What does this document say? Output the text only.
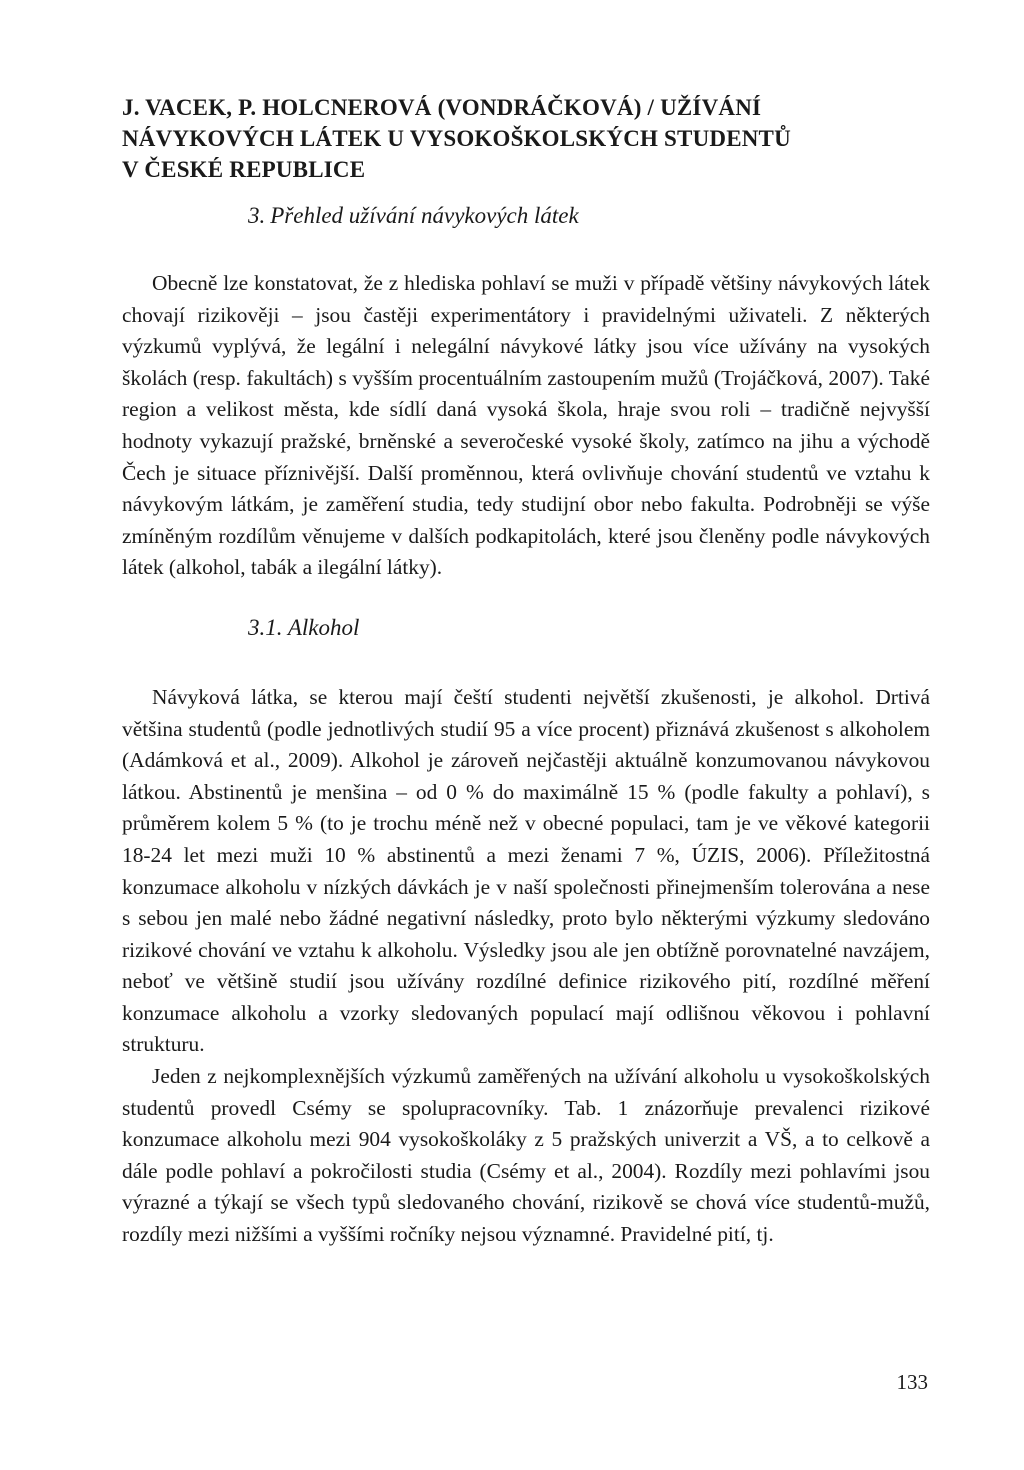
J. VACEK, P. HOLCNEROVÁ (VONDRÁČKOVÁ) / UŽÍVÁNÍ
NÁVYKOVÝCH LÁTEK U VYSOKOŠKOLSKÝCH STUDENTŮ
V ČESKÉ REPUBLICE
3. Přehled užívání návykových látek

Obecně lze konstatovat, že z hlediska pohlaví se muži v případě většiny návykových látek chovají rizikověji – jsou častěji experimentátory i pravidelnými uživateli. Z některých výzkumů vyplývá, že legální i nelegální návykové látky jsou více užívány na vysokých školách (resp. fakultách) s vyšším procentuálním zastoupením mužů (Trojáčková, 2007). Také region a velikost města, kde sídlí daná vysoká škola, hraje svou roli – tradičně nejvyšší hodnoty vykazují pražské, brněnské a severočeské vysoké školy, zatímco na jihu a východě Čech je situace příznivější. Další proměnnou, která ovlivňuje chování studentů ve vztahu k návykovým látkám, je zaměření studia, tedy studijní obor nebo fakulta. Podrobněji se výše zmíněným rozdílům věnujeme v dalších podkapitolách, které jsou členěny podle návykových látek (alkohol, tabák a ilegální látky).

3.1. Alkohol

Návyková látka, se kterou mají čeští studenti největší zkušenosti, je alkohol. Drtivá většina studentů (podle jednotlivých studií 95 a více procent) přiznává zkušenost s alkoholem (Adámková et al., 2009). Alkohol je zároveň nejčastěji aktuálně konzumovanou návykovou látkou. Abstinentů je menšina – od 0 % do maximálně 15 % (podle fakulty a pohlaví), s průměrem kolem 5 % (to je trochu méně než v obecné populaci, tam je ve věkové kategorii 18-24 let mezi muži 10 % abstinentů a mezi ženami 7 %, ÚZIS, 2006). Příležitostná konzumace alkoholu v nízkých dávkách je v naší společnosti přinejmenším tolerována a nese s sebou jen malé nebo žádné negativní následky, proto bylo některými výzkumy sledováno rizikové chování ve vztahu k alkoholu. Výsledky jsou ale jen obtížně porovnatelné navzájem, neboť ve většině studií jsou užívány rozdílné definice rizikového pití, rozdílné měření konzumace alkoholu a vzorky sledovaných populací mají odlišnou věkovou i pohlavní strukturu.

Jeden z nejkomplexnějších výzkumů zaměřených na užívání alkoholu u vysokoškolských studentů provedl Csémy se spolupracovníky. Tab. 1 znázorňuje prevalenci rizikové konzumace alkoholu mezi 904 vysokoškoláky z 5 pražských univerzit a VŠ, a to celkově a dále podle pohlaví a pokročilosti studia (Csémy et al., 2004). Rozdíly mezi pohlavími jsou výrazné a týkají se všech typů sledovaného chování, rizikově se chová více studentů-mužů, rozdíly mezi nižšími a vyššími ročníky nejsou významné. Pravidelné pití, tj.

133
